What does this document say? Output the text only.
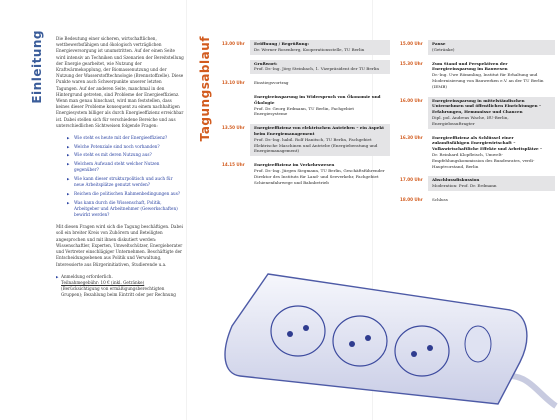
Einleitung	Tagungsablauf

Die Bedeutung einer sicheren, wirtschaftlichen, wettbewerbsfähigen und ökologisch verträglichen Energieversorgung ist unumstritten. Auf der einen Seite wird intensiv an Techniken und Szenarien der Bereitstellung der Energie gearbeitet, wie Nutzung der Kraftwärmekopplung, der Biomassenutzung und der Nutzung der Wasserstofftechnologie (Brennstoffzelle). Diese Punkte waren auch Schwerpunkte unserer letzten Tagungen. Auf der anderen Seite, manchmal in den Hintergrund getreten, sind Probleme der Energieeffizienz. Wenn man genau hinschaut, wird man feststellen, dass keines dieser Probleme konsequent zu einem nachhaltigen Energiesystem billiger als durch Energieeffizienz erreichbar ist. Dabei stellen sich für verschiedene Bereiche und aus unterschiedlichen Sichtweisen folgende Fragen:

▶ Wie steht es heute mit der Energieeffizienz?
▶ Welche Potenziale sind noch vorhanden?
▶ Wie steht es mit deren Nutzung aus?
▶ Welchem Aufwand steht welcher Nutzen gegenüber?
▶ Wie kann dieser strukturpolitisch und auch für neue Arbeitsplätze genutzt werden?
▶ Reichen die politischen Rahmenbedingungen aus?
▶ Was kann durch die Wissenschaft, Politik, Arbeitgeber und Arbeitnehmer (Gewerkschaften) bewirkt werden?

Mit diesen Fragen wird sich die Tagung beschäftigen. Dabei soll ein breiter Kreis von Zuhörern und Beteiligten angesprochen und mit ihnen diskutiert werden: Wissenschaftler, Experten, Umweltschützer, Energieberater und Vertreter einschlägiger Unternehmen. Beschäftigte der Entscheidungsebenen aus Politik und Verwaltung, Interessierte aus Bürgerinitiativen, Studierende u.a.

▶ Anmeldung erforderlich.
Teilnahmegebühr: 10 € (inkl. Getränke)
(Berücksichtigung von ermäßigungsberechtigten Gruppen); Bezahlung beim Eintritt oder per Rechnung
13.00 Uhr	Eröffnung / Begrüßung:
Dr. Werner Rosenberg, Kooperationsstelle, TU Berlin
Grußwort:
Prof. Dr.-Ing. Jörg Steinbach, 1. Vizepräsident der TU Berlin
13.10 Uhr	Einstiegsvortrag
Energieeinsparung im Widerspruch von Ökonomie und Ökologie
Prof. Dr. Georg Erdmann, TU Berlin, Fachgebiet Energiesysteme
13.50 Uhr	Energieeffizienz von elektrischen Antrieben – ein Aspekt beim Energiemanagement
Prof. Dr.-Ing. habil. Rolf Hanitsch, TU Berlin, Fachgebiet Elektrische Maschinen und Antriebe (Energieberatung und Energiemanagement)
14.15 Uhr	Energieeffizienz im Verkehrswesen
Prof. Dr.-Ing. Jürgen Siegmann, TU Berlin, Geschäftsführender Direktor des Instituts für Land- und Seeverkehr, Fachgebiet Schienenfahrwege und Bahnbetrieb
15.00 Uhr	Pause
(Getränke)
15.30 Uhr	Zum Stand und Perspektiven der Energieeinsparung im Bauwesen
Dr.-Ing. Uwe Römmling, Institut für Erhaltung und Modernisierung von Bauwerken e.V. an der TU Berlin (IEMB)
16.00 Uhr	Energieeinsparung in mittelständischen Unternehmen und öffentlichen Einrichtungen – Erfahrungen, Hemmnisse und Chancen
Dipl. pol. Andreas Wache, IfU-Berlin, Energiebeauftragter
16.30 Uhr	Energieeffizienz als Schlüssel einer zukunftsfähigen Energiewirtschaft – Volkswirtschaftliche Effekte und Arbeitsplätze –
Dr. Reinhard Klopfleisch, Umwelt-Empfehlungskommission des Bundesrates, verdi-Hauptvorstand, Berlin
17.00 Uhr	Abschlussdiskussion
Moderation: Prof. Dr. Erdmann
18.00 Uhr	Schluss
